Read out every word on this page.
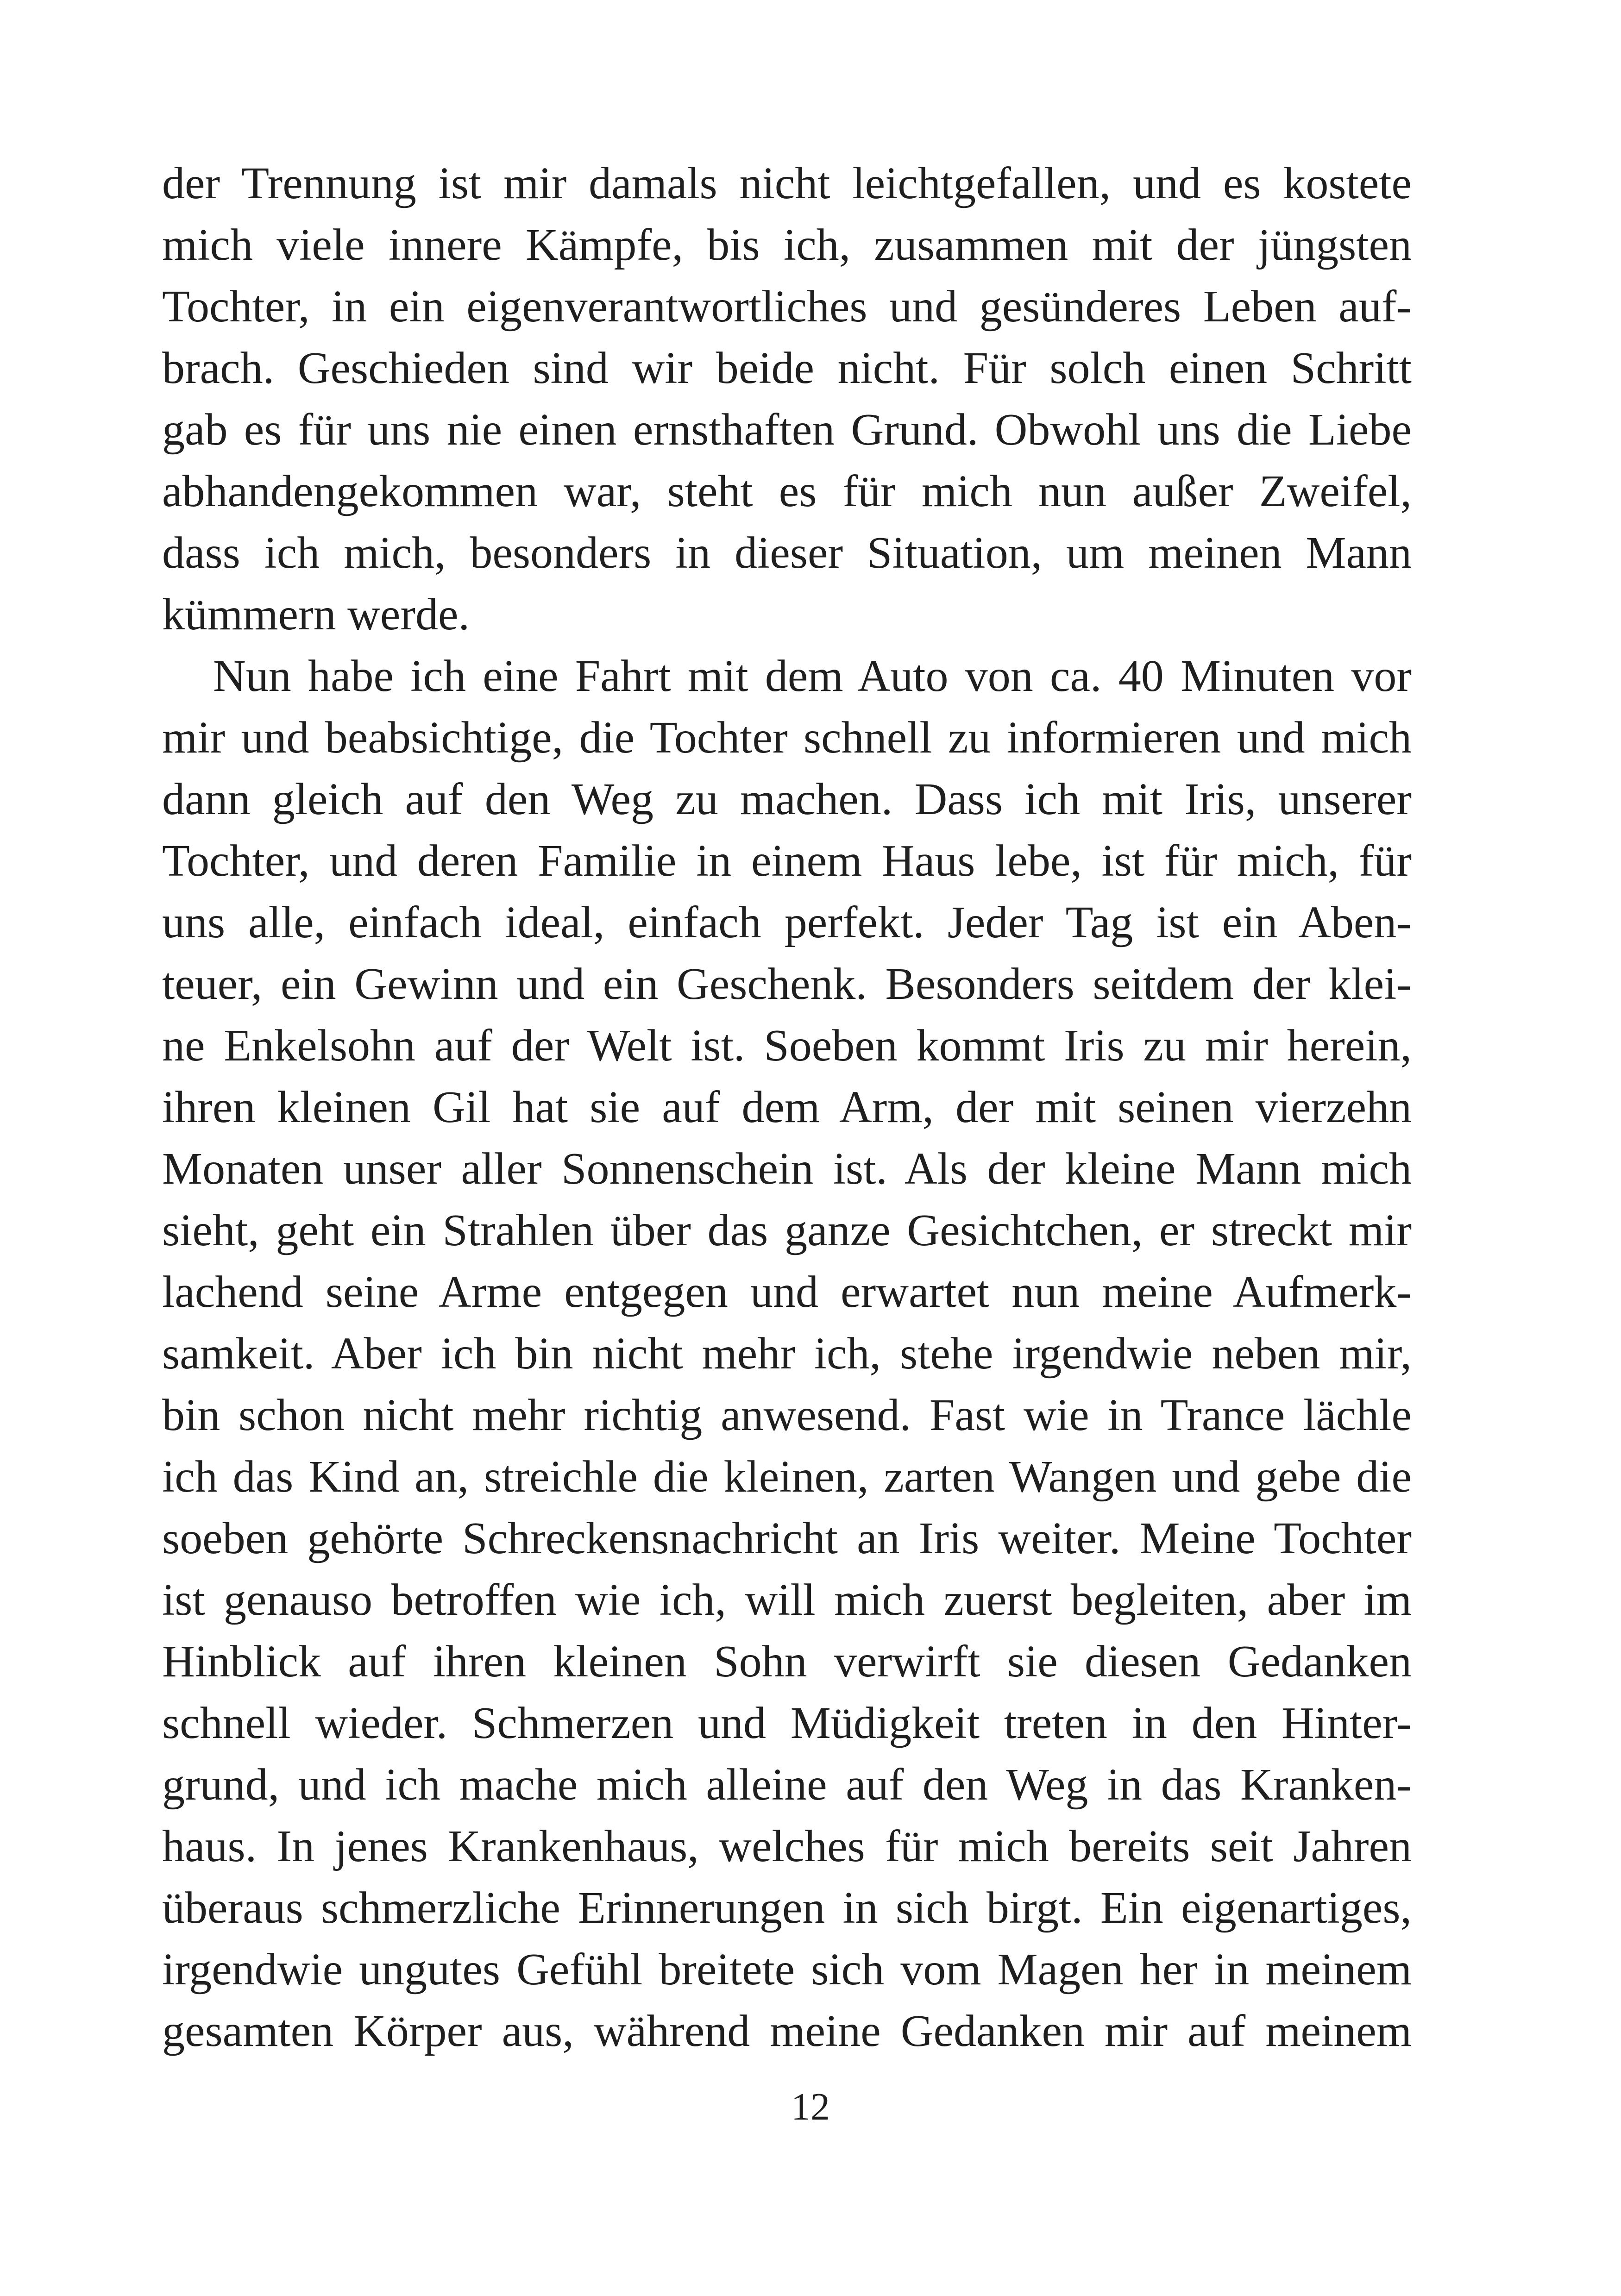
der Trennung ist mir damals nicht leichtgefallen, und es kostete
mich viele innere Kämpfe, bis ich, zusammen mit der jüngsten
Tochter, in ein eigenverantwortliches und gesünderes Leben auf-
brach. Geschieden sind wir beide nicht. Für solch einen Schritt
gab es für uns nie einen ernsthaften Grund. Obwohl uns die Liebe
abhandengekommen war, steht es für mich nun außer Zweifel,
dass ich mich, besonders in dieser Situation, um meinen Mann
kümmern werde.
Nun habe ich eine Fahrt mit dem Auto von ca. 40 Minuten vor
mir und beabsichtige, die Tochter schnell zu informieren und mich
dann gleich auf den Weg zu machen. Dass ich mit Iris, unserer
Tochter, und deren Familie in einem Haus lebe, ist für mich, für
uns alle, einfach ideal, einfach perfekt. Jeder Tag ist ein Aben-
teuer, ein Gewinn und ein Geschenk. Besonders seitdem der klei-
ne Enkelsohn auf der Welt ist. Soeben kommt Iris zu mir herein,
ihren kleinen Gil hat sie auf dem Arm, der mit seinen vierzehn
Monaten unser aller Sonnenschein ist. Als der kleine Mann mich
sieht, geht ein Strahlen über das ganze Gesichtchen, er streckt mir
lachend seine Arme entgegen und erwartet nun meine Aufmerk-
samkeit. Aber ich bin nicht mehr ich, stehe irgendwie neben mir,
bin schon nicht mehr richtig anwesend. Fast wie in Trance lächle
ich das Kind an, streichle die kleinen, zarten Wangen und gebe die
soeben gehörte Schreckensnachricht an Iris weiter. Meine Tochter
ist genauso betroffen wie ich, will mich zuerst begleiten, aber im
Hinblick auf ihren kleinen Sohn verwirft sie diesen Gedanken
schnell wieder. Schmerzen und Müdigkeit treten in den Hinter-
grund, und ich mache mich alleine auf den Weg in das Kranken-
haus. In jenes Krankenhaus, welches für mich bereits seit Jahren
überaus schmerzliche Erinnerungen in sich birgt. Ein eigenartiges,
irgendwie ungutes Gefühl breitete sich vom Magen her in meinem
gesamten Körper aus, während meine Gedanken mir auf meinem
12
